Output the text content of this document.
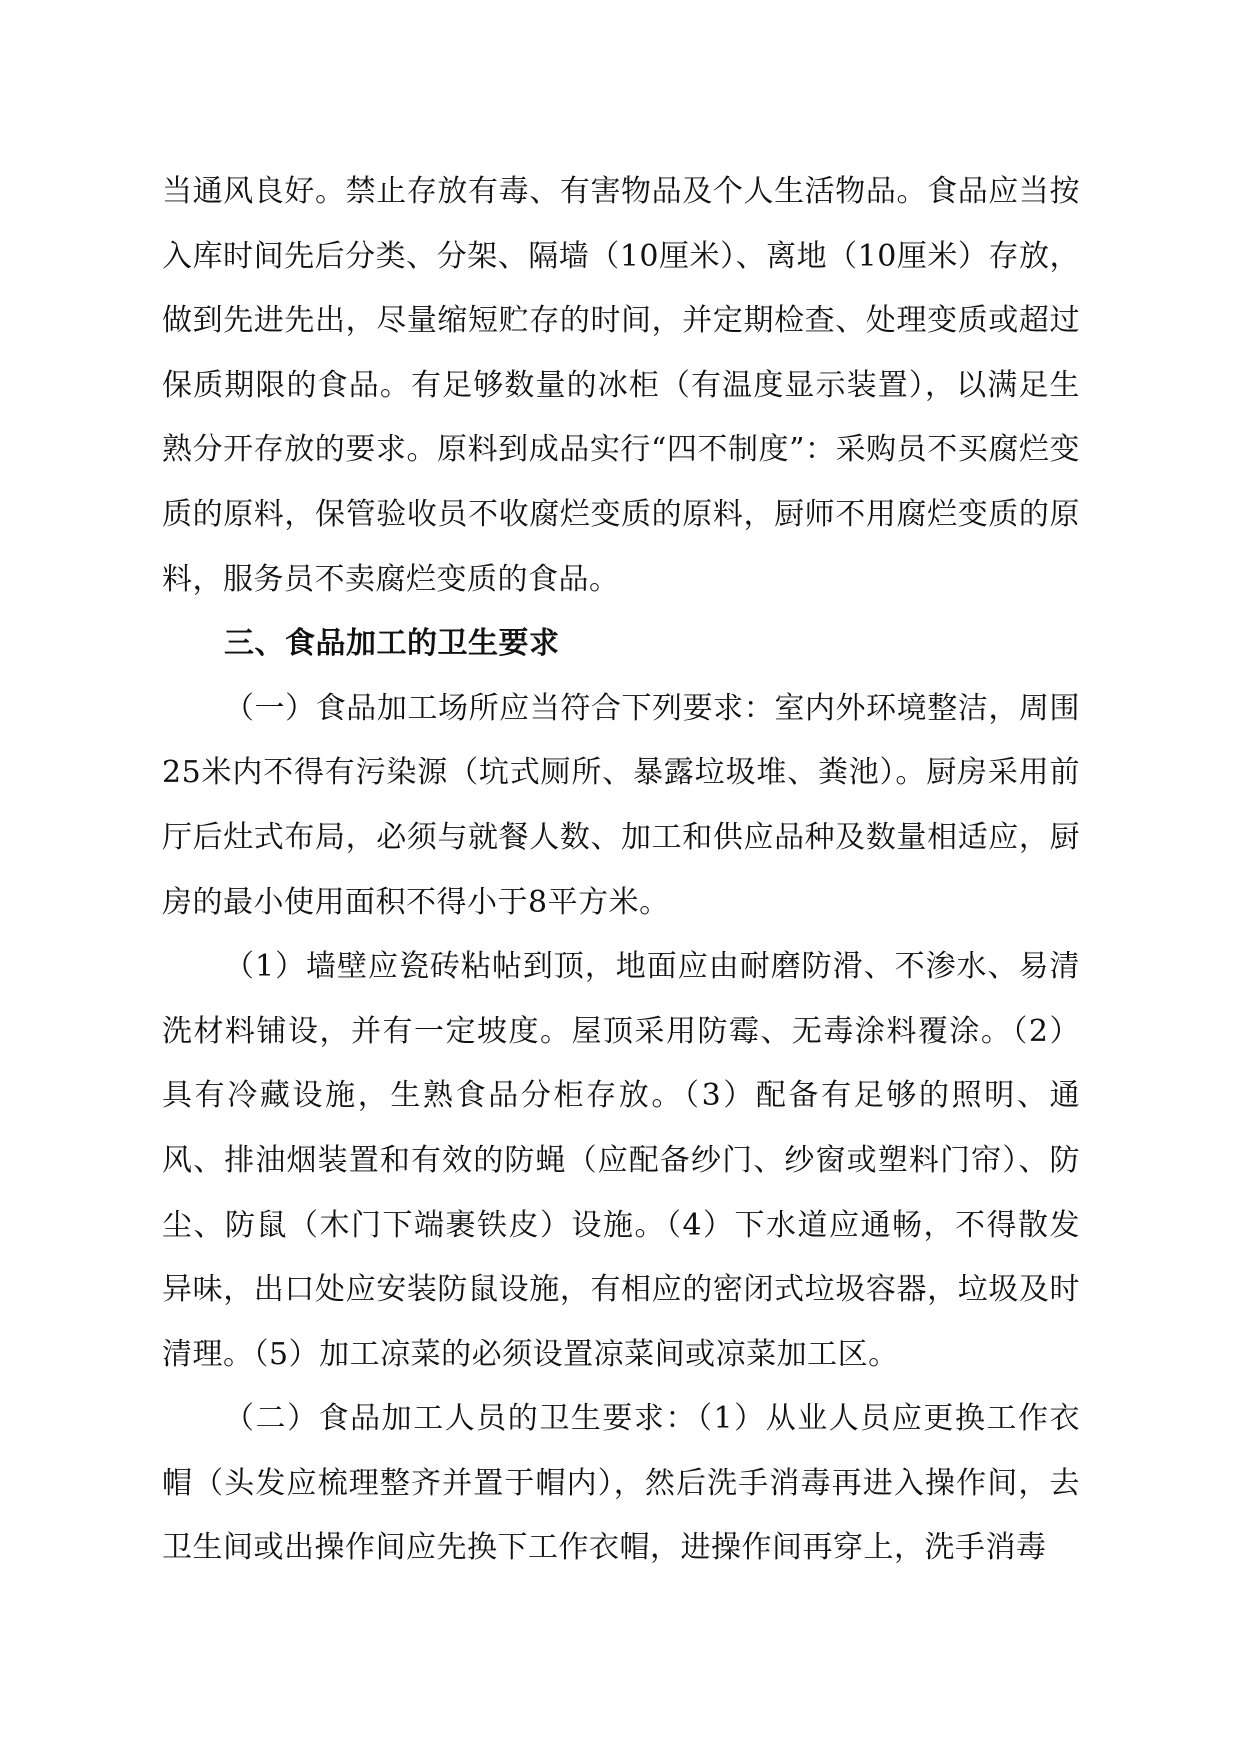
当通风良好。禁止存放有毒、有害物品及个人生活物品。食品应当按入库时间先后分类、分架、隔墙（10厘米）、离地（10厘米）存放，做到先进先出，尽量缩短贮存的时间，并定期检查、处理变质或超过保质期限的食品。有足够数量的冰柜（有温度显示装置），以满足生熟分开存放的要求。原料到成品实行“四不制度”：采购员不买腐烂变质的原料，保管验收员不收腐烂变质的原料，厨师不用腐烂变质的原料，服务员不卖腐烂变质的食品。

三、食品加工的卫生要求

（一）食品加工场所应当符合下列要求：室内外环境整洁，周围25米内不得有污染源（坑式厕所、暴露垃圾堆、粪池）。厨房采用前厅后灶式布局，必须与就餐人数、加工和供应品种及数量相适应，厨房的最小使用面积不得小于8平方米。

（1）墙壁应瓷砖粘帖到顶，地面应由耐磨防滑、不渗水、易清洗材料铺设，并有一定坡度。屋顶采用防霉、无毒涂料覆涂。（2）具有冷藏设施，生熟食品分柜存放。（3）配备有足够的照明、通风、排油烟装置和有效的防蝇（应配备纱门、纱窗或塑料门帘）、防尘、防鼠（木门下端裹铁皮）设施。（4）下水道应通畅，不得散发异味，出口处应安装防鼠设施，有相应的密闭式垃圾容器，垃圾及时清理。（5）加工凉菜的必须设置凉菜间或凉菜加工区。

（二）食品加工人员的卫生要求：（1）从业人员应更换工作衣帽（头发应梳理整齐并置于帽内），然后洗手消毒再进入操作间，去卫生间或出操作间应先换下工作衣帽，进操作间再穿上，洗手消毒
